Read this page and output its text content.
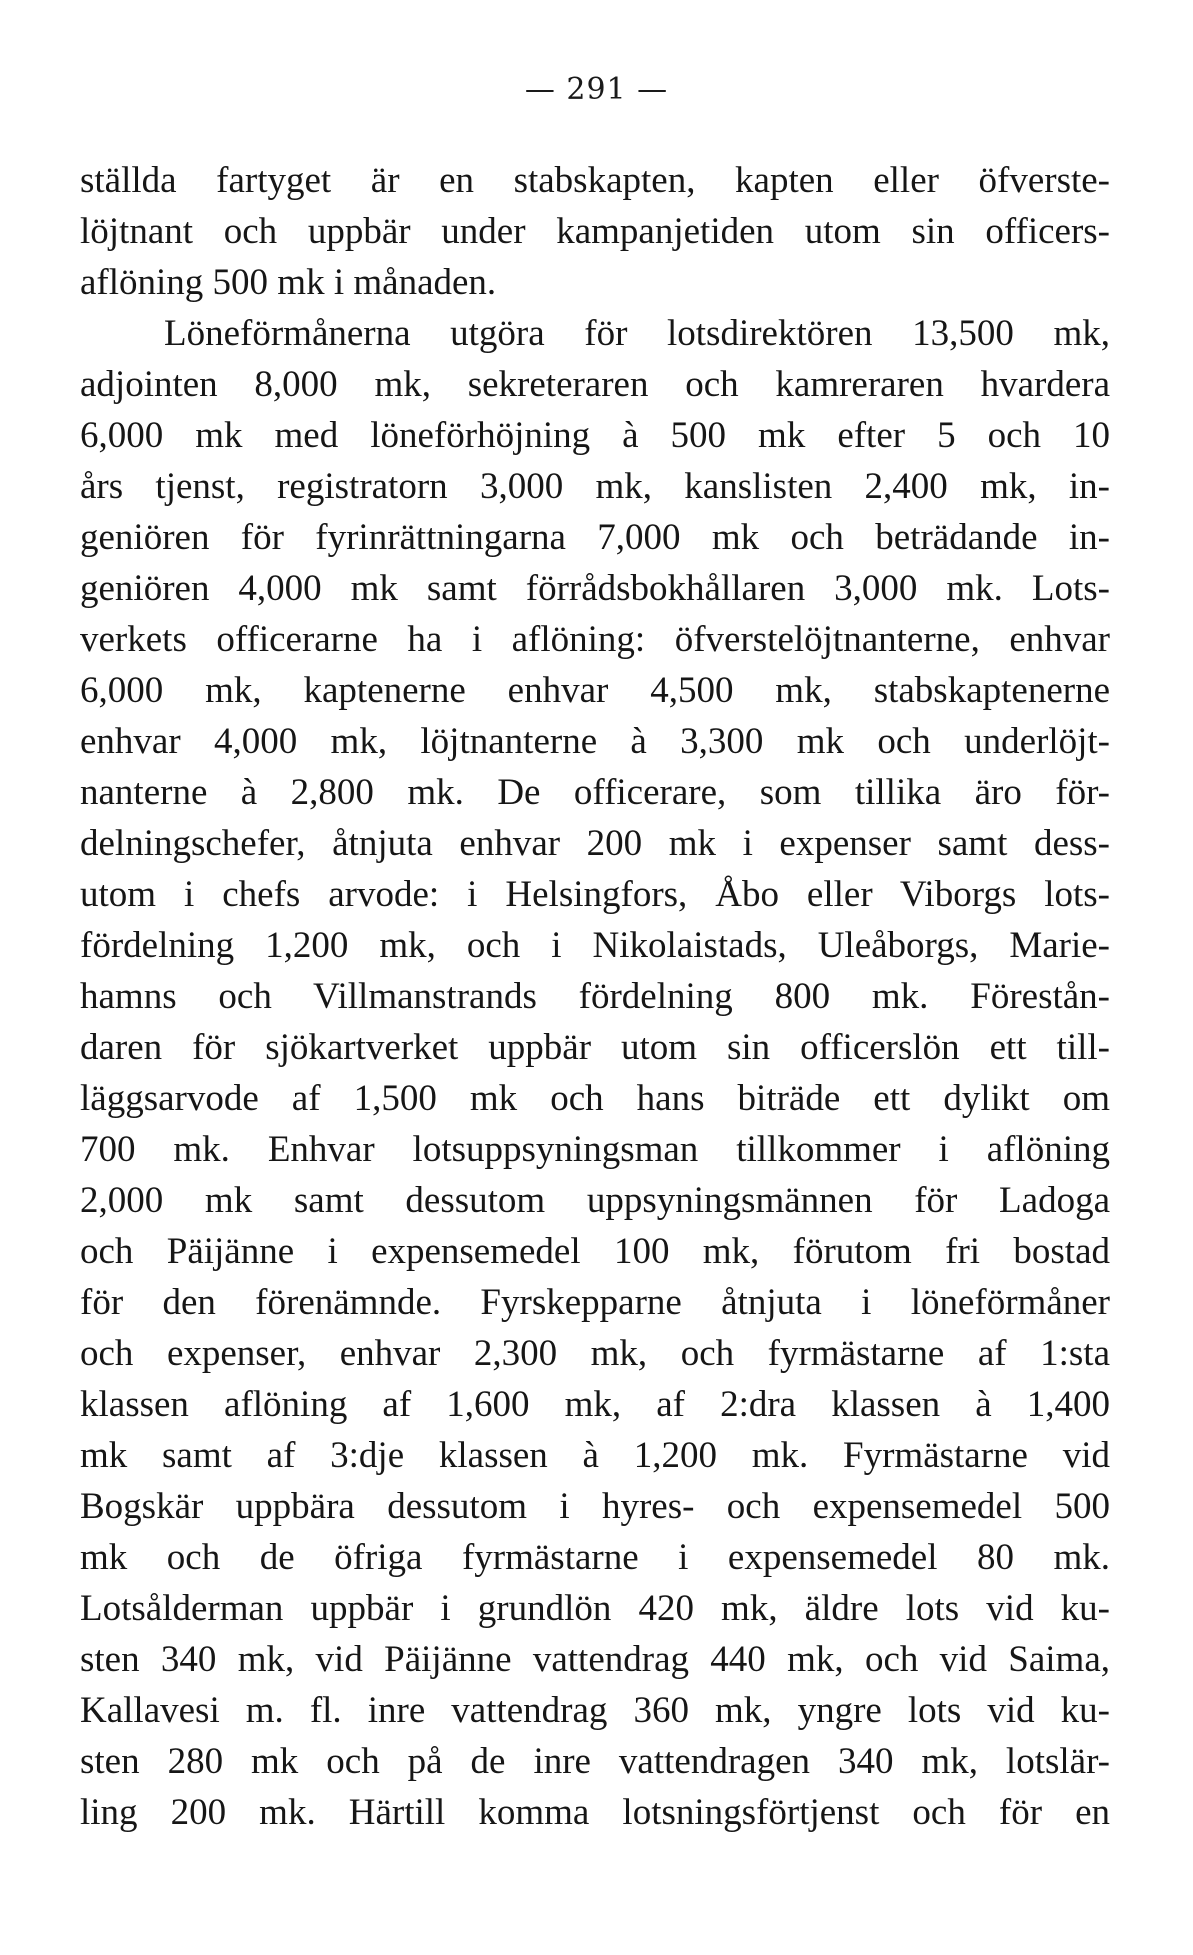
— 291 —
ställda fartyget är en stabskapten, kapten eller öfverste-
löjtnant och uppbär under kampanjetiden utom sin officers-
aflöning 500 mk i månaden.
Löneförmånerna utgöra för lotsdirektören 13,500 mk,
adjointen 8,000 mk, sekreteraren och kamreraren hvardera
6,000 mk med löneförhöjning à 500 mk efter 5 och 10
års tjenst, registratorn 3,000 mk, kanslisten 2,400 mk, in-
geniören för fyrinrättningarna 7,000 mk och beträdande in-
geniören 4,000 mk samt förrådsbokhållaren 3,000 mk. Lots-
verkets officerarne ha i aflöning: öfverstelöjtnanterne, enhvar
6,000 mk, kaptenerne enhvar 4,500 mk, stabskaptenerne
enhvar 4,000 mk, löjtnanterne à 3,300 mk och underlöjt-
nanterne à 2,800 mk. De officerare, som tillika äro för-
delningschefer, åtnjuta enhvar 200 mk i expenser samt dess-
utom i chefs arvode: i Helsingfors, Åbo eller Viborgs lots-
fördelning 1,200 mk, och i Nikolaistads, Uleåborgs, Marie-
hamns och Villmanstrands fördelning 800 mk. Förestån-
daren för sjökartverket uppbär utom sin officerslön ett till-
läggsarvode af 1,500 mk och hans biträde ett dylikt om
700 mk. Enhvar lotsuppsyningsman tillkommer i aflöning
2,000 mk samt dessutom uppsyningsmännen för Ladoga
och Päijänne i expensemedel 100 mk, förutom fri bostad
för den förenämnde. Fyrskepparne åtnjuta i löneförmåner
och expenser, enhvar 2,300 mk, och fyrmästarne af 1:sta
klassen aflöning af 1,600 mk, af 2:dra klassen à 1,400
mk samt af 3:dje klassen à 1,200 mk. Fyrmästarne vid
Bogskär uppbära dessutom i hyres- och expensemedel 500
mk och de öfriga fyrmästarne i expensemedel 80 mk.
Lotsålderman uppbär i grundlön 420 mk, äldre lots vid ku-
sten 340 mk, vid Päijänne vattendrag 440 mk, och vid Saima,
Kallavesi m. fl. inre vattendrag 360 mk, yngre lots vid ku-
sten 280 mk och på de inre vattendragen 340 mk, lotslär-
ling 200 mk. Härtill komma lotsningsförtjenst och för en
